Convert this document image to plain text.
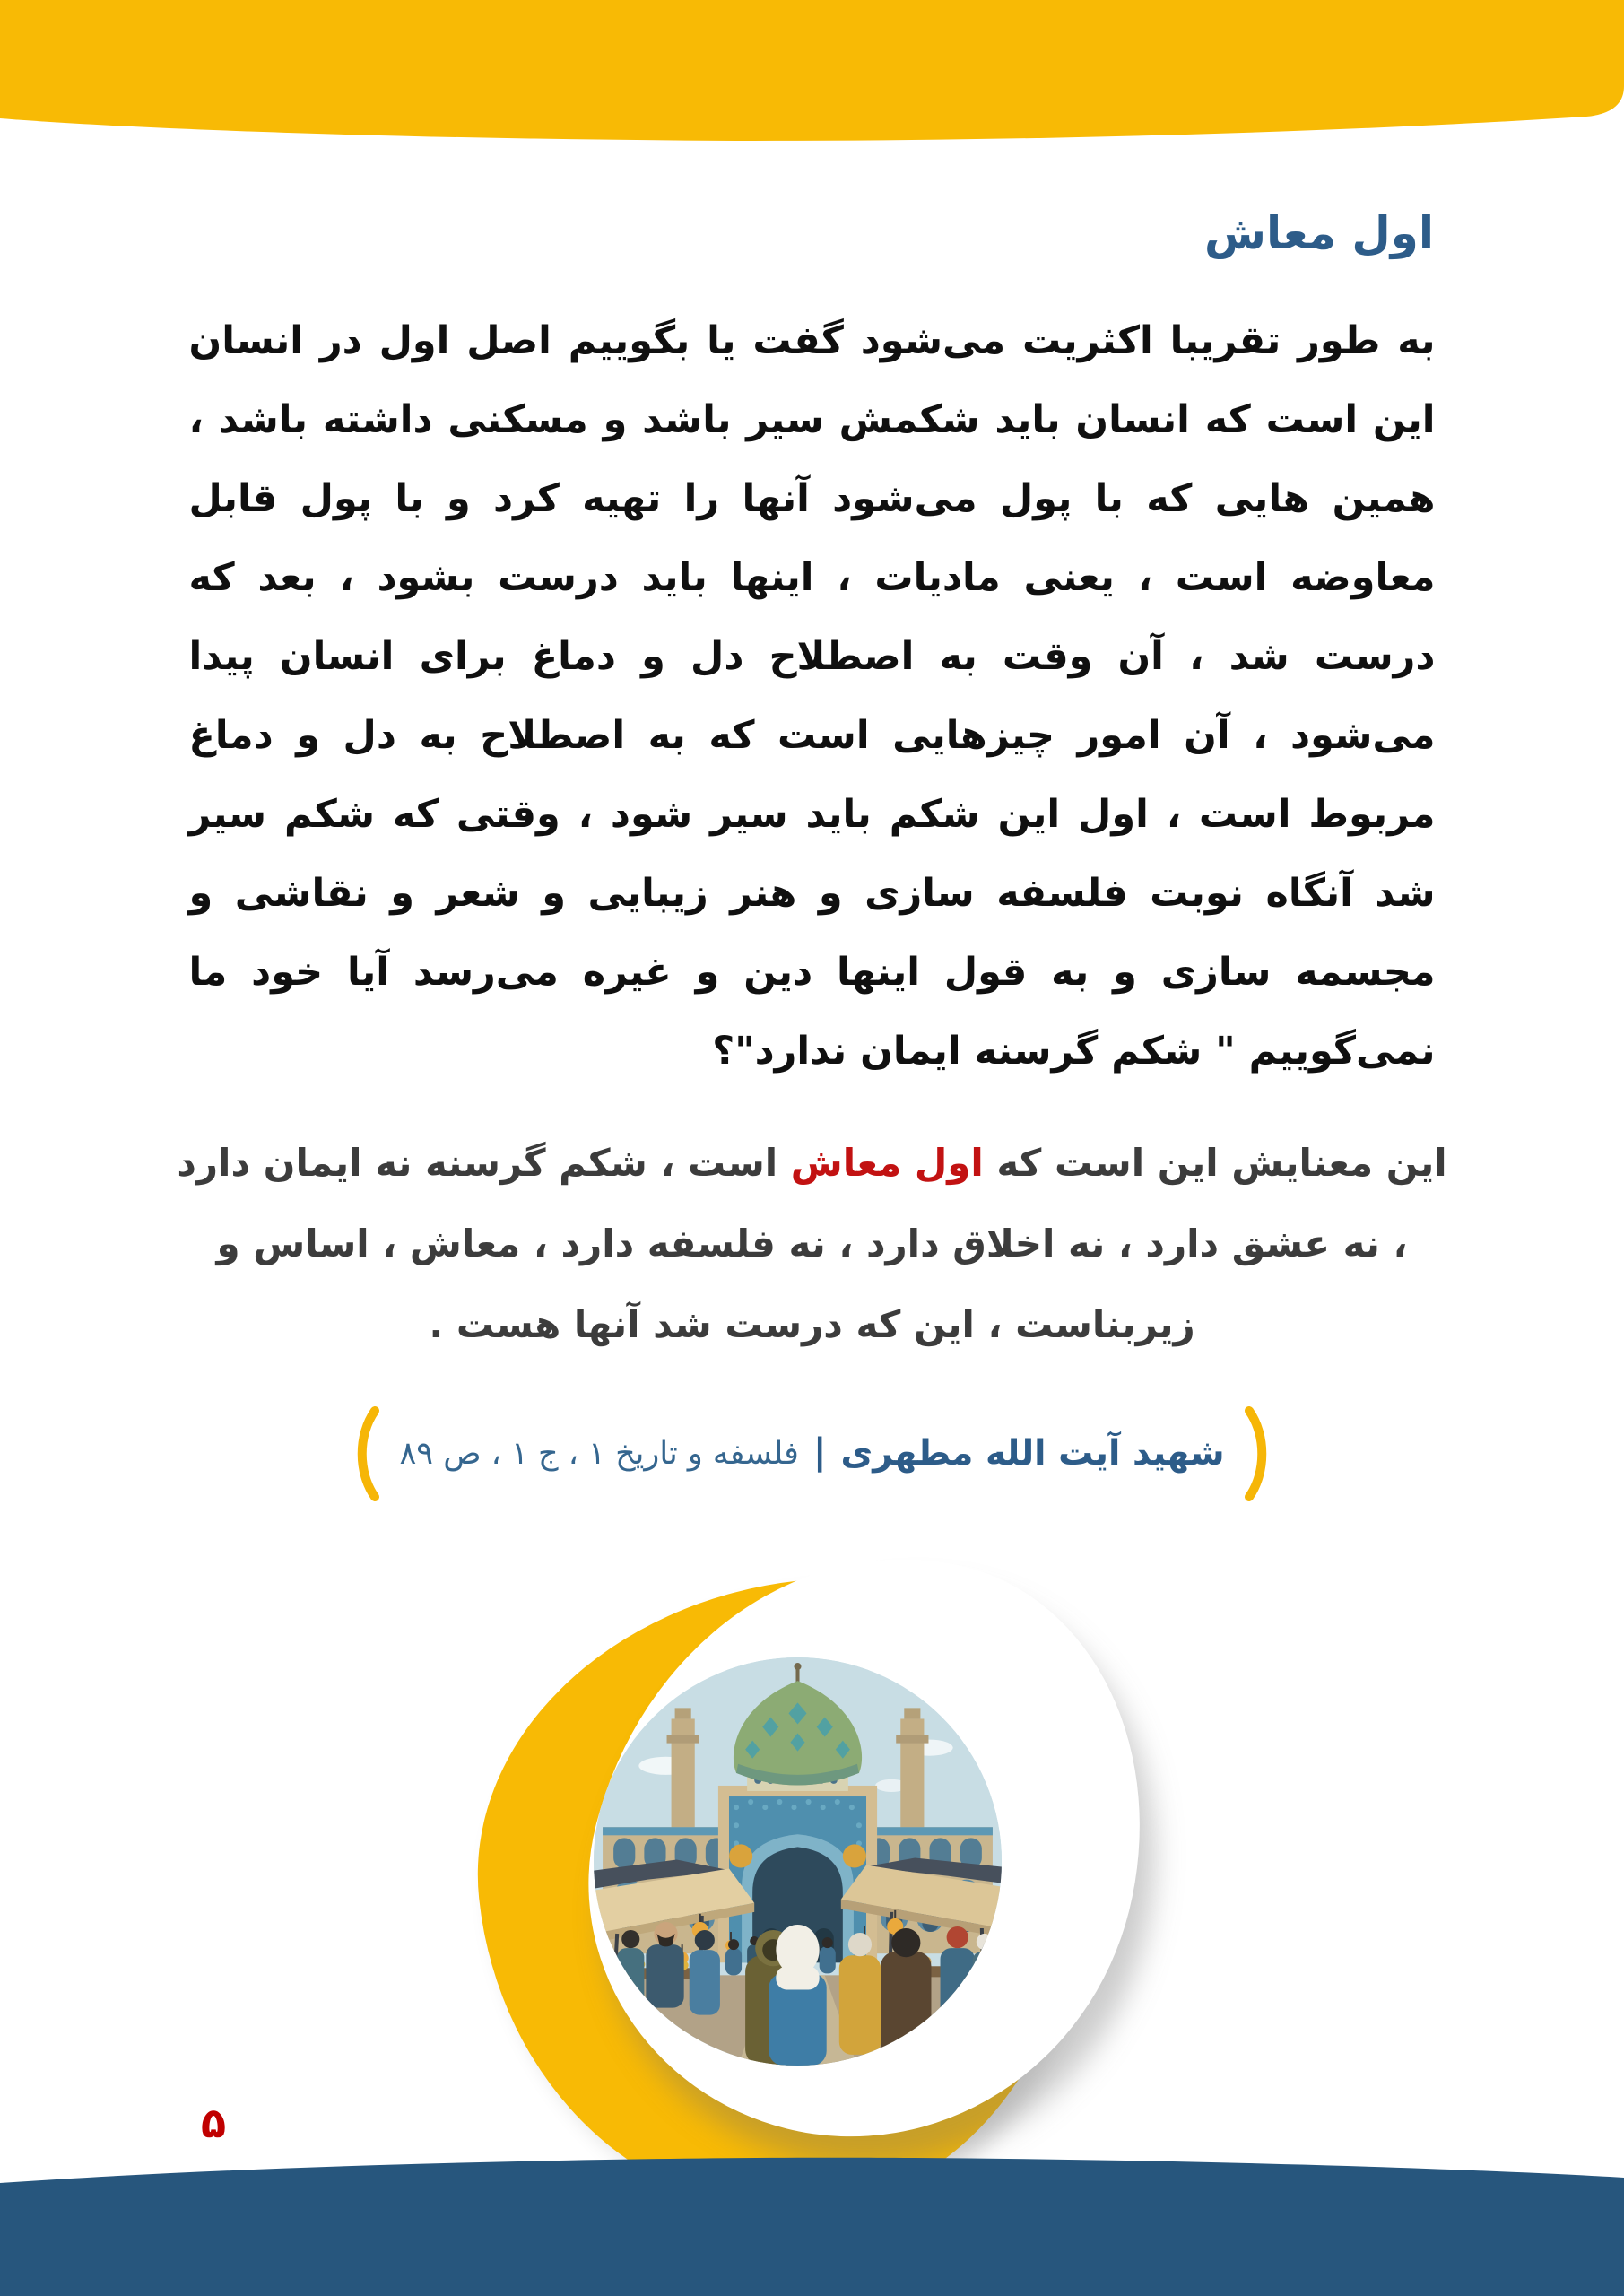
اول معاش

به طور تقریبا اکثریت می‌شود گفت یا بگوییم اصل اول در انسان این است که انسان باید شکمش سیر باشد و مسکنی داشته باشد ، همین هایی که با پول می‌شود آنها را تهیه کرد و با پول قابل معاوضه است ، یعنی مادیات ، اینها باید درست بشود ، بعد که درست شد ، آن وقت به اصطلاح دل و دماغ برای انسان پیدا می‌شود ، آن امور چیزهایی است که به اصطلاح به دل و دماغ مربوط است ، اول این شکم باید سیر شود ، وقتی که شکم سیر شد آنگاه نوبت فلسفه سازی و هنر زیبایی و شعر و نقاشی و مجسمه سازی و به قول اینها دین و غیره می‌رسد آیا خود ما نمی‌گوییم " شکم گرسنه ایمان ندارد"؟

این معنایش این است که اول معاش است ، شکم گرسنه نه ایمان دارد ، نه عشق دارد ، نه اخلاق دارد ، نه فلسفه دارد ، معاش ، اساس و زیربناست ، این که درست شد آنها هست .

شهید آیت الله مطهری
|
فلسفه و تاریخ ۱ ، ج ۱ ، ص ۸۹
۵
